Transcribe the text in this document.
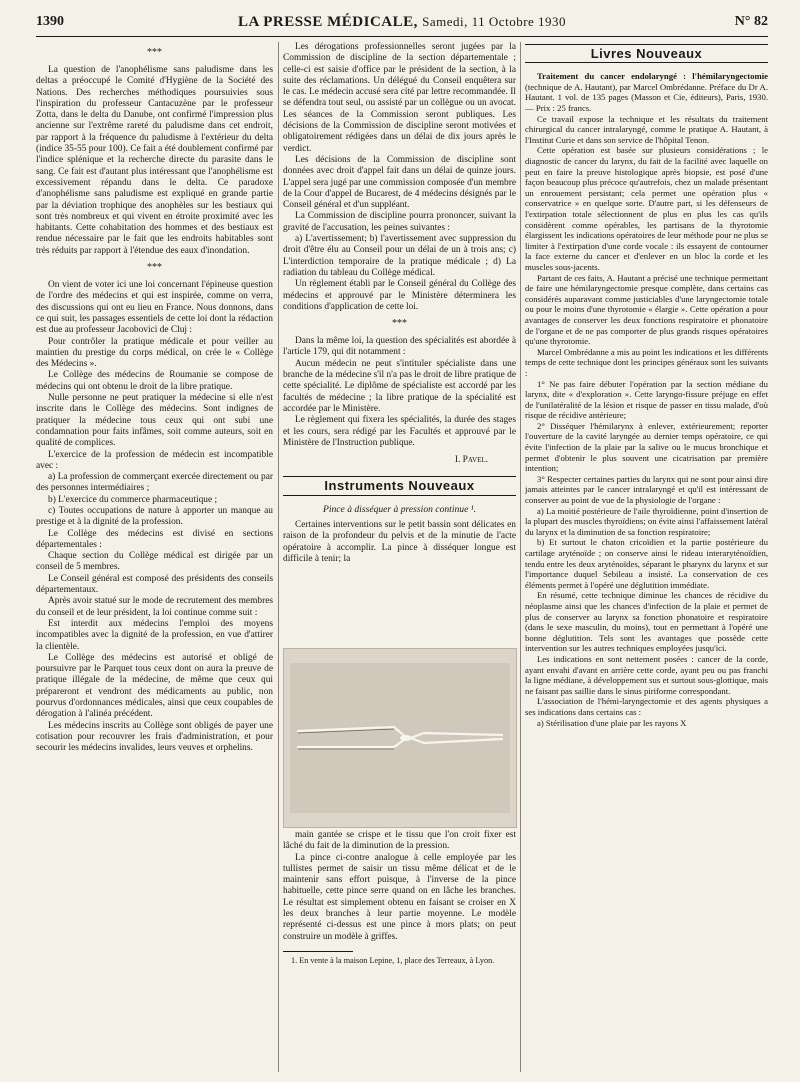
1390	LA PRESSE MÉDICALE, Samedi, 11 Octobre 1930	N° 82
***

La question de l'anophélisme sans paludisme dans les deltas a préoccupé le Comité d'Hygiène de la Société des Nations. Des recherches méthodiques poursuivies sous l'inspiration du professeur Cantacuzène par le professeur Zotta, dans le delta du Danube, ont confirmé l'impression plus ancienne sur l'extrême rareté du paludisme dans cet endroit, par rapport à la fréquence du paludisme à l'extérieur du delta (indice 35-55 pour 100). Ce fait a été doublement confirmé par l'indice splénique et la recherche directe du parasite dans le sang. Ce fait est d'autant plus intéressant que l'anophélisme est excessivement répandu dans le delta. Ce paradoxe d'anophélisme sans paludisme est expliqué en grande partie par la déviation trophique des anophèles sur les bestiaux qui sont très nombreux et qui vivent en étroite proximité avec les habitants. Cette cohabitation des hommes et des bestiaux est rendue nécessaire par le fait que les endroits habitables sont très réduits par rapport à l'étendue des eaux d'inondation.

***

On vient de voter ici une loi concernant l'épineuse question de l'ordre des médecins et qui est inspirée, comme on verra, des discussions qui ont eu lieu en France. Nous donnons, dans ce qui suit, les passages essentiels de cette loi dont la rédaction est due au professeur Jacobovici de Cluj :

Pour contrôler la pratique médicale et pour veiller au maintien du prestige du corps médical, on crée le « Collège des Médecins ».

Le Collège des médecins de Roumanie se compose de médecins qui ont obtenu le droit de la libre pratique.

Nulle personne ne peut pratiquer la médecine si elle n'est inscrite dans le Collège des médecins. Sont indignes de pratiquer la médecine tous ceux qui ont subi une condamnation pour faits infâmes, soit comme auteurs, soit en qualité de complices.

L'exercice de la profession de médecin est incompatible avec :

a) La profession de commerçant exercée directement ou par des personnes intermédiaires ;

b) L'exercice du commerce pharmaceutique ;

c) Toutes occupations de nature à apporter un manque au prestige et à la dignité de la profession.

Le Collège des médecins est divisé en sections départementales :

Chaque section du Collège médical est dirigée par un conseil de 5 membres.

Le Conseil général est composé des présidents des conseils départementaux.

Après avoir statué sur le mode de recrutement des membres du conseil et de leur président, la loi continue comme suit :

Est interdit aux médecins l'emploi des moyens incompatibles avec la dignité de la profession, en vue d'attirer la clientèle.

Le Collège des médecins est autorisé et obligé de poursuivre par le Parquet tous ceux dont on aura la preuve de pratique illégale de la médecine, de même que ceux qui prépareront et vendront des médicaments au public, non pourvus d'ordonnances médicales, ainsi que ceux coupables de dérogation à l'alinéa précédent.

Les médecins inscrits au Collège sont obligés de payer une cotisation pour recouvrer les frais d'administration, et pour secourir les médecins invalides, leurs veuves et orphelins.

Les dérogations professionnelles seront jugées par la Commission de discipline de la section départementale ; celle-ci est saisie d'office par le président de la section, à la suite des réclamations. Un délégué du Conseil enquêtera sur le cas. Le médecin accusé sera cité par lettre recommandée. Il se défendra tout seul, ou assisté par un collègue ou un avocat. Les séances de la Commission seront publiques. Les décisions de la Commission de discipline seront motivées et obligatoirement rédigées dans un délai de dix jours après le verdict.

Les décisions de la Commission de discipline sont données avec droit d'appel fait dans un délai de quinze jours. L'appel sera jugé par une commission composée d'un membre de la Cour d'appel de Bucarest, de 4 médecins désignés par le Conseil général et d'un suppléant.

La Commission de discipline pourra prononcer, suivant la gravité de l'accusation, les peines suivantes :

a) L'avertissement; b) l'avertissement avec suppression du droit d'être élu au Conseil pour un délai de un à trois ans; c) L'interdiction temporaire de la pratique médicale ; d) La radiation du tableau du Collège médical.

Un règlement établi par le Conseil général du Collège des médecins et approuvé par le Ministère déterminera les conditions d'application de cette loi.

***

Dans la même loi, la question des spécialités est abordée à l'article 179, qui dit notamment :

Aucun médecin ne peut s'intituler spécialiste dans une branche de la médecine s'il n'a pas le droit de libre pratique de cette spécialité. Le diplôme de spécialiste est accordé par les facultés de médecine ; la libre pratique de la spécialité est accordée par le Ministère.

Le règlement qui fixera les spécialités, la durée des stages et les cours, sera rédigé par les Facultés et approuvé par le Ministère de l'Instruction publique.

I. Pavel.
Instruments Nouveaux
Pince à disséquer à pression continue ¹.

Certaines interventions sur le petit bassin sont délicates en raison de la profondeur du pelvis et de la minutie de l'acte opératoire à accomplir. La pince à disséquer longue est difficile à tenir; la

main gantée se crispe et le tissu que l'on croit fixer est lâché du fait de la diminution de la pression.

La pince ci-contre analogue à celle employée par les tullistes permet de saisir un tissu même délicat et de le maintenir sans effort puisque, à l'inverse de la pince habituelle, cette pince serre quand on en lâche les branches. Le résultat est simplement obtenu en faisant se croiser en X les deux branches à leur partie moyenne. Le modèle représenté ci-dessus est une pince à mors plats; on peut construire un modèle à griffes.

1. En vente à la maison Lepine, 1, place des Terreaux, à Lyon.

Livres Nouveaux

Traitement du cancer endolaryngé : l'hémilaryngectomie (technique de A. Hautant), par Marcel Ombrédanne. Préface du Dr A. Hautant. 1 vol. de 135 pages (Masson et Cie, éditeurs), Paris, 1930. — Prix : 25 francs.

Ce travail expose la technique et les résultats du traitement chirurgical du cancer intralaryngé, comme le pratique A. Hautant, à l'Institut Curie et dans son service de l'hôpital Tenon.

Cette opération est basée sur plusieurs considérations ; le diagnostic de cancer du larynx, du fait de la facilité avec laquelle on peut en faire la preuve histologique après biopsie, est posé d'une façon beaucoup plus précoce qu'autrefois, chez un malade présentant un enrouement persistant; cela permet une opération plus « conservatrice » en quelque sorte. D'autre part, si les défenseurs de l'extirpation totale sélectionnent de plus en plus les cas qu'ils considèrent comme opérables, les partisans de la thyrotomie élargissent les indications opératoires de leur méthode pour ne plus se limiter à l'extirpation d'une corde vocale : ils essayent de contourner la face externe du cancer et d'enlever en un bloc la corde et les muscles sous-jacents.

Partant de ces faits, A. Hautant a précisé une technique permettant de faire une hémilaryngectomie presque complète, dans certains cas considérés auparavant comme justiciables d'une laryngectomie totale ou pour le moins d'une thyrotomie « élargie ». Cette opération a pour avantages de conserver les deux fonctions respiratoire et phonatoire de l'organe et de ne pas comporter de plus grands risques opératoires qu'une thyrotomie.

Marcel Ombrédanne a mis au point les indications et les différents temps de cette technique dont les principes généraux sont les suivants :

1° Ne pas faire débuter l'opération par la section médiane du larynx, dite « d'exploration ». Cette laryngo-fissure préjuge en effet de l'unilatéralité de la lésion et risque de passer en tissu malade, d'où risque de récidive antérieure;

2° Disséquer l'hémilarynx à enlever, extérieurement; reporter l'ouverture de la cavité laryngée au dernier temps opératoire, ce qui évite l'infection de la plaie par la salive ou le mucus bronchique et permet d'obtenir le plus souvent une cicatrisation par première intention;

3° Respecter certaines parties du larynx qui ne sont pour ainsi dire jamais atteintes par le cancer intralaryngé et qu'il est intéressant de conserver au point de vue de la physiologie de l'organe :

a) La moitié postérieure de l'aile thyroïdienne, point d'insertion de la plupart des muscles thyroïdiens; on évite ainsi l'affaissement latéral du larynx et la diminution de sa fonction respiratoire;

b) Et surtout le chaton cricoïdien et la partie postérieure du cartilage aryténoïde ; on conserve ainsi le rideau interaryténoïdien, tendu entre les deux aryténoïdes, séparant le pharynx du larynx et sur l'importance duquel Sebileau a insisté. La conservation de ces éléments permet à l'opéré une déglutition immédiate.

En résumé, cette technique diminue les chances de récidive du néoplasme ainsi que les chances d'infection de la plaie et permet de plus de conserver au larynx sa fonction phonatoire et respiratoire (dans le sexe masculin, du moins), tout en permettant à l'opéré une bonne déglutition. Tels sont les avantages que possède cette intervention sur les autres techniques employées jusqu'ici.

Les indications en sont nettement posées : cancer de la corde, ayant envahi d'avant en arrière cette corde, ayant peu ou pas franchi la ligne médiane, à développement sus et surtout sous-glottique, mais ne faisant pas saillie dans le sinus piriforme correspondant.

L'association de l'hémi-laryngectomie et des agents physiques a ses indications dans certains cas :

a) Stérilisation d'une plaie par les rayons X
